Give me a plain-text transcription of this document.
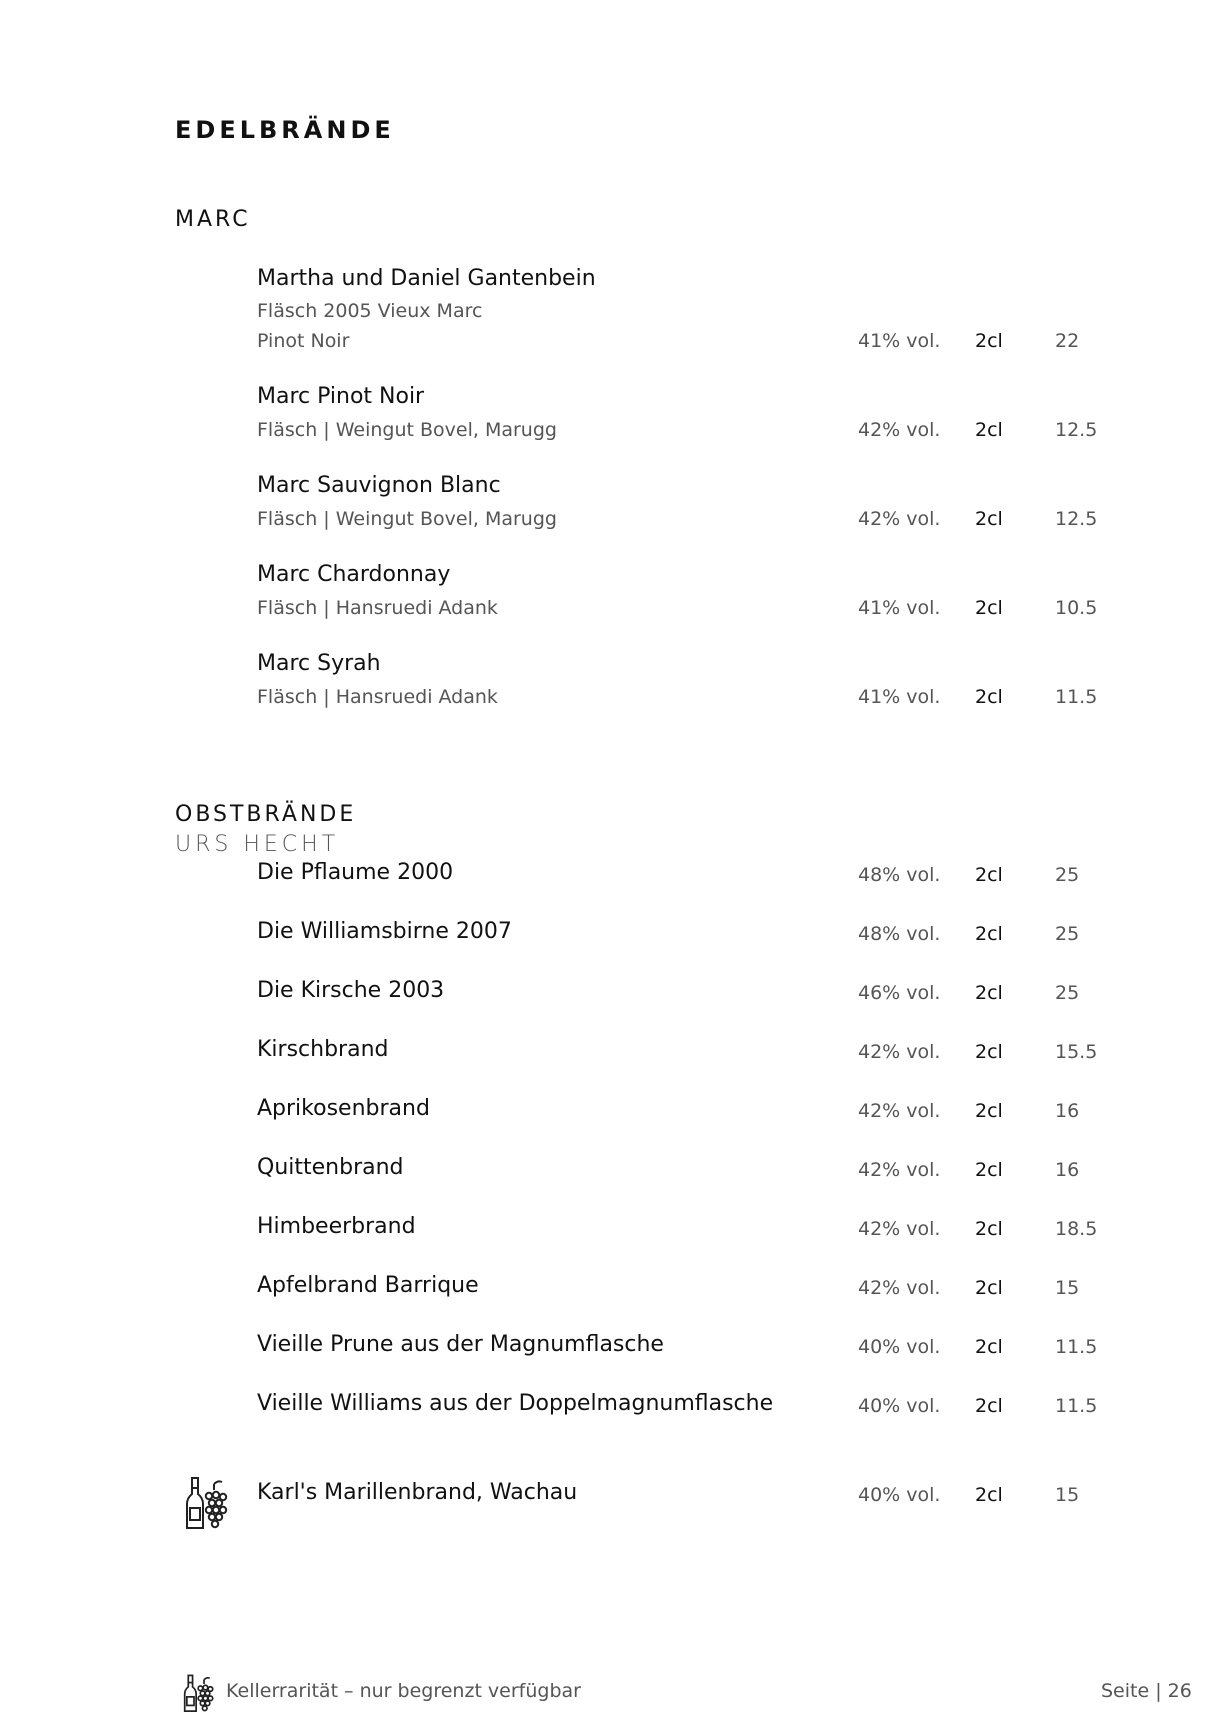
EDELBRÄNDE
MARC
Martha und Daniel Gantenbein
Fläsch 2005 Vieux Marc
Pinot Noir	41% vol. 2cl	22
Marc Pinot Noir
Fläsch | Weingut Bovel, Marugg	42% vol. 2cl	12.5
Marc Sauvignon Blanc
Fläsch | Weingut Bovel, Marugg	42% vol. 2cl	12.5
Marc Chardonnay
Fläsch | Hansruedi Adank	41% vol. 2cl	10.5
Marc Syrah
Fläsch | Hansruedi Adank	41% vol. 2cl	11.5
OBSTBRÄNDE
URS HECHT
Die Pflaume 2000	48% vol. 2cl	25
Die Williamsbirne 2007	48% vol. 2cl	25
Die Kirsche 2003	46% vol. 2cl	25
Kirschbrand	42% vol. 2cl	15.5
Aprikosenbrand	42% vol. 2cl	16
Quittenbrand	42% vol. 2cl	16
Himbeerbrand	42% vol. 2cl	18.5
Apfelbrand Barrique	42% vol. 2cl	15
Vieille Prune aus der Magnumflasche	40% vol. 2cl	11.5
Vieille Williams aus der Doppelmagnumflasche	40% vol. 2cl	11.5
Karl's Marillenbrand, Wachau	40% vol. 2cl	15
Kellerrarität – nur begrenzt verfügbar	Seite | 26
